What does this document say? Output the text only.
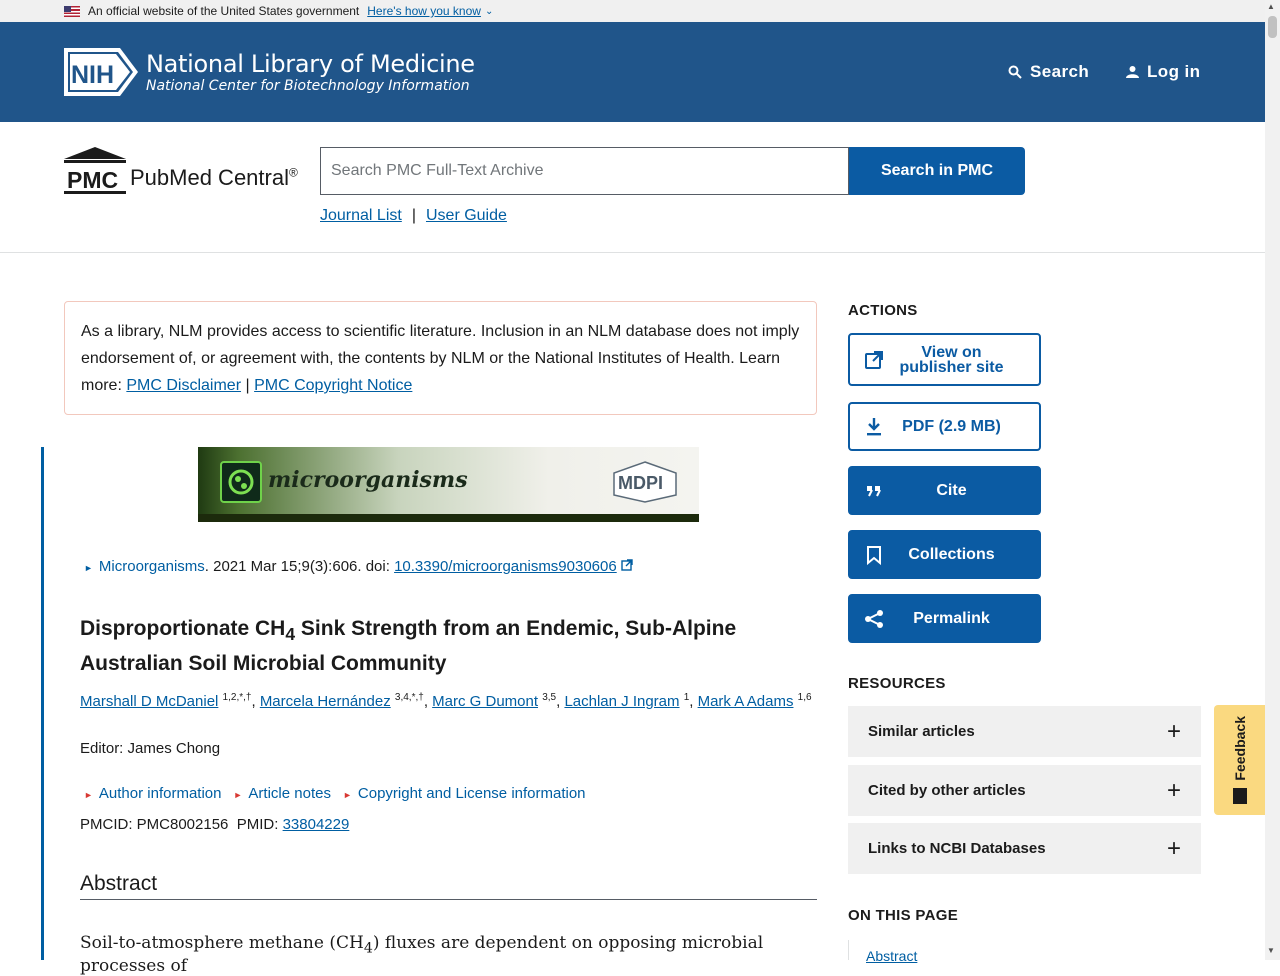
An official website of the United States government Here's how you know ⌄
NIH National Library of Medicine
National Center for Biotechnology Information
Search	Log in
PMC PubMed Central®
Search PMC Full-Text Archive	Search in PMC
Journal List | User Guide
As a library, NLM provides access to scientific literature. Inclusion in an NLM database does not imply endorsement of, or agreement with, the contents by NLM or the National Institutes of Health. Learn more: PMC Disclaimer | PMC Copyright Notice
microorganisms	MDPI
► Microorganisms. 2021 Mar 15;9(3):606. doi: 10.3390/microorganisms9030606
Disproportionate $CH_4$ Sink Strength from an Endemic, Sub-Alpine Australian Soil Microbial Community
Marshall D McDaniel $^{1,2,*,\dagger}$, Marcela Hernández $^{3,4,*,\dagger}$, Marc G Dumont $^{3,5}$, Lachlan J Ingram $^1$, Mark A Adams $^{1,6}$
Editor: James Chong
► Author information ► Article notes ► Copyright and License information
PMCID: PMC8002156 PMID: 33804229
Abstract
Soil-to-atmosphere methane $(CH_4)$ fluxes are dependent on opposing microbial processes of
ACTIONS
View on publisher site
PDF (2.9 MB)
Cite
Collections
Permalink
RESOURCES
Similar articles	+
Cited by other articles	+
Links to NCBI Databases	+
ON THIS PAGE
Abstract
Feedback
▲
▼
